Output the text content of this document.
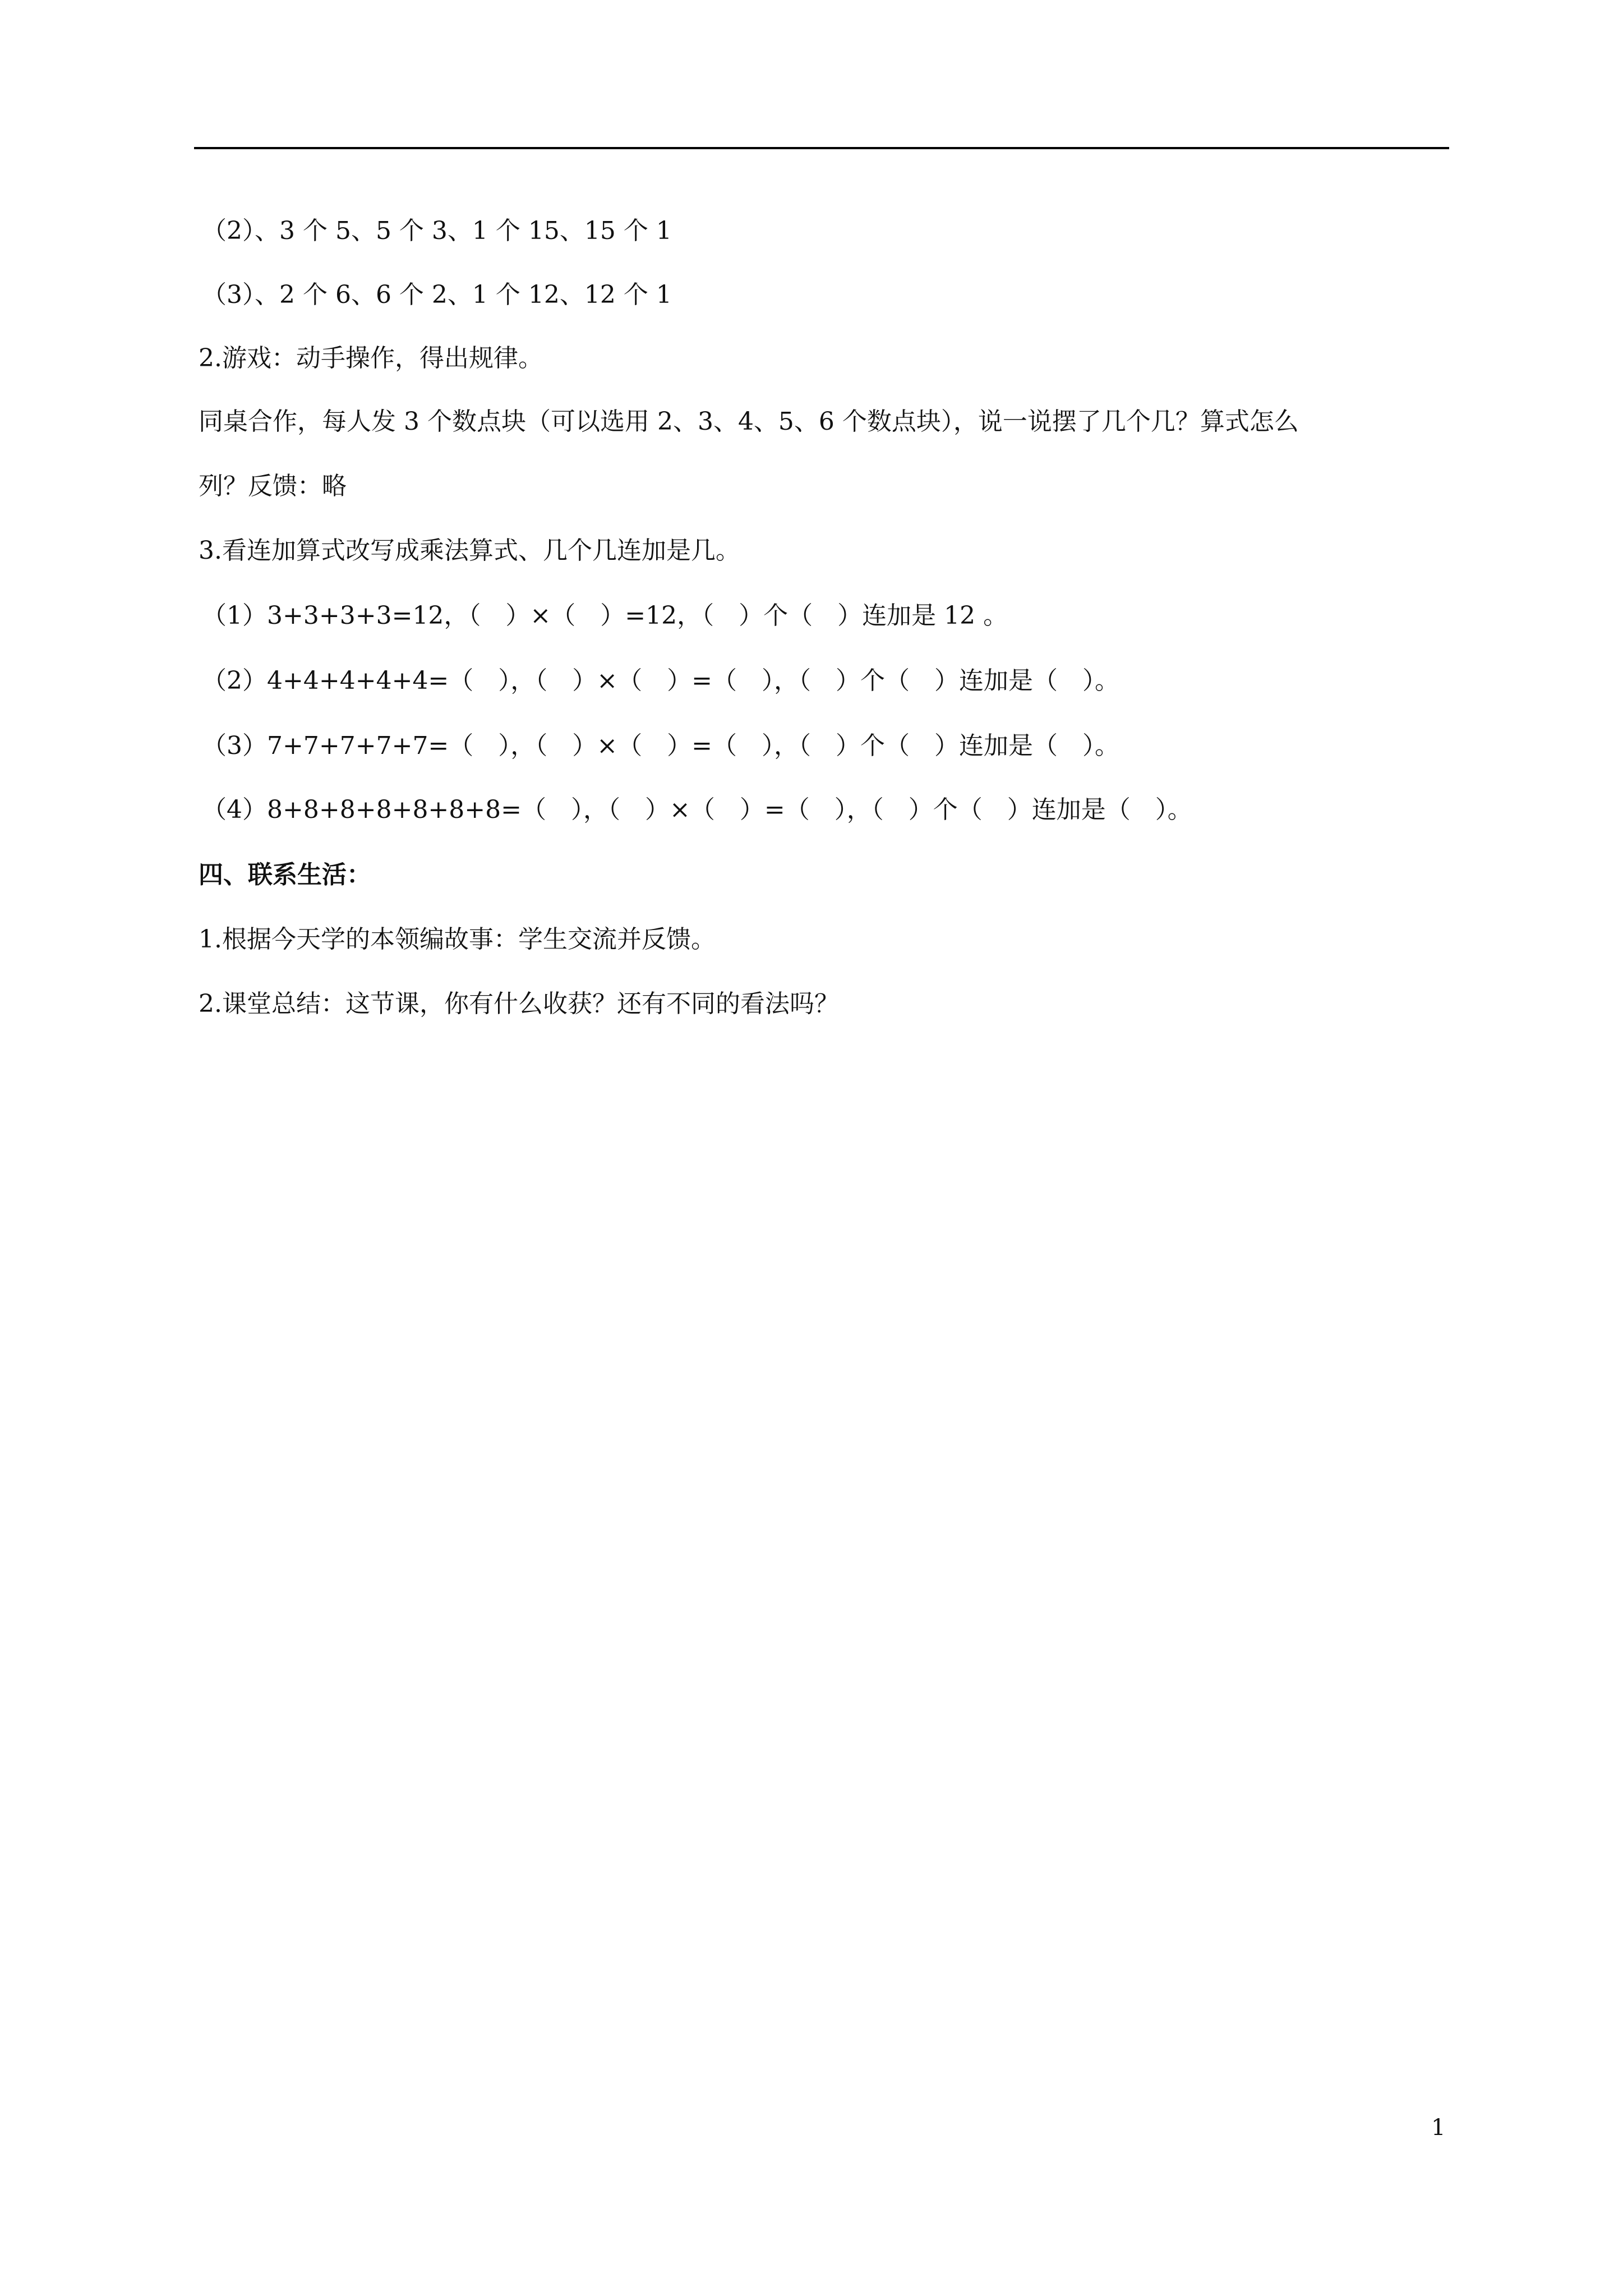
（2）、3 个 5、5 个 3、1 个 15、15 个 1
（3）、2 个 6、6 个 2、1 个 12、12 个 1
2.游戏：动手操作，得出规律。
同桌合作，每人发 3 个数点块（可以选用 2、3、4、5、6 个数点块），说一说摆了几个几？算式怎么
列？反馈：略
3.看连加算式改写成乘法算式、几个几连加是几。
（1）3+3+3+3=12，（　）×（　）=12，（　）个（　）连加是 12 。
（2）4+4+4+4+4=（　），（　）×（　）=（　），（　）个（　）连加是（　）。
（3）7+7+7+7+7=（　），（　）×（　）=（　），（　）个（　）连加是（　）。
（4）8+8+8+8+8+8+8=（　），（　）×（　）=（　），（　）个（　）连加是（　）。
四、联系生活：
1.根据今天学的本领编故事：学生交流并反馈。
2.课堂总结：这节课，你有什么收获？还有不同的看法吗？
1
